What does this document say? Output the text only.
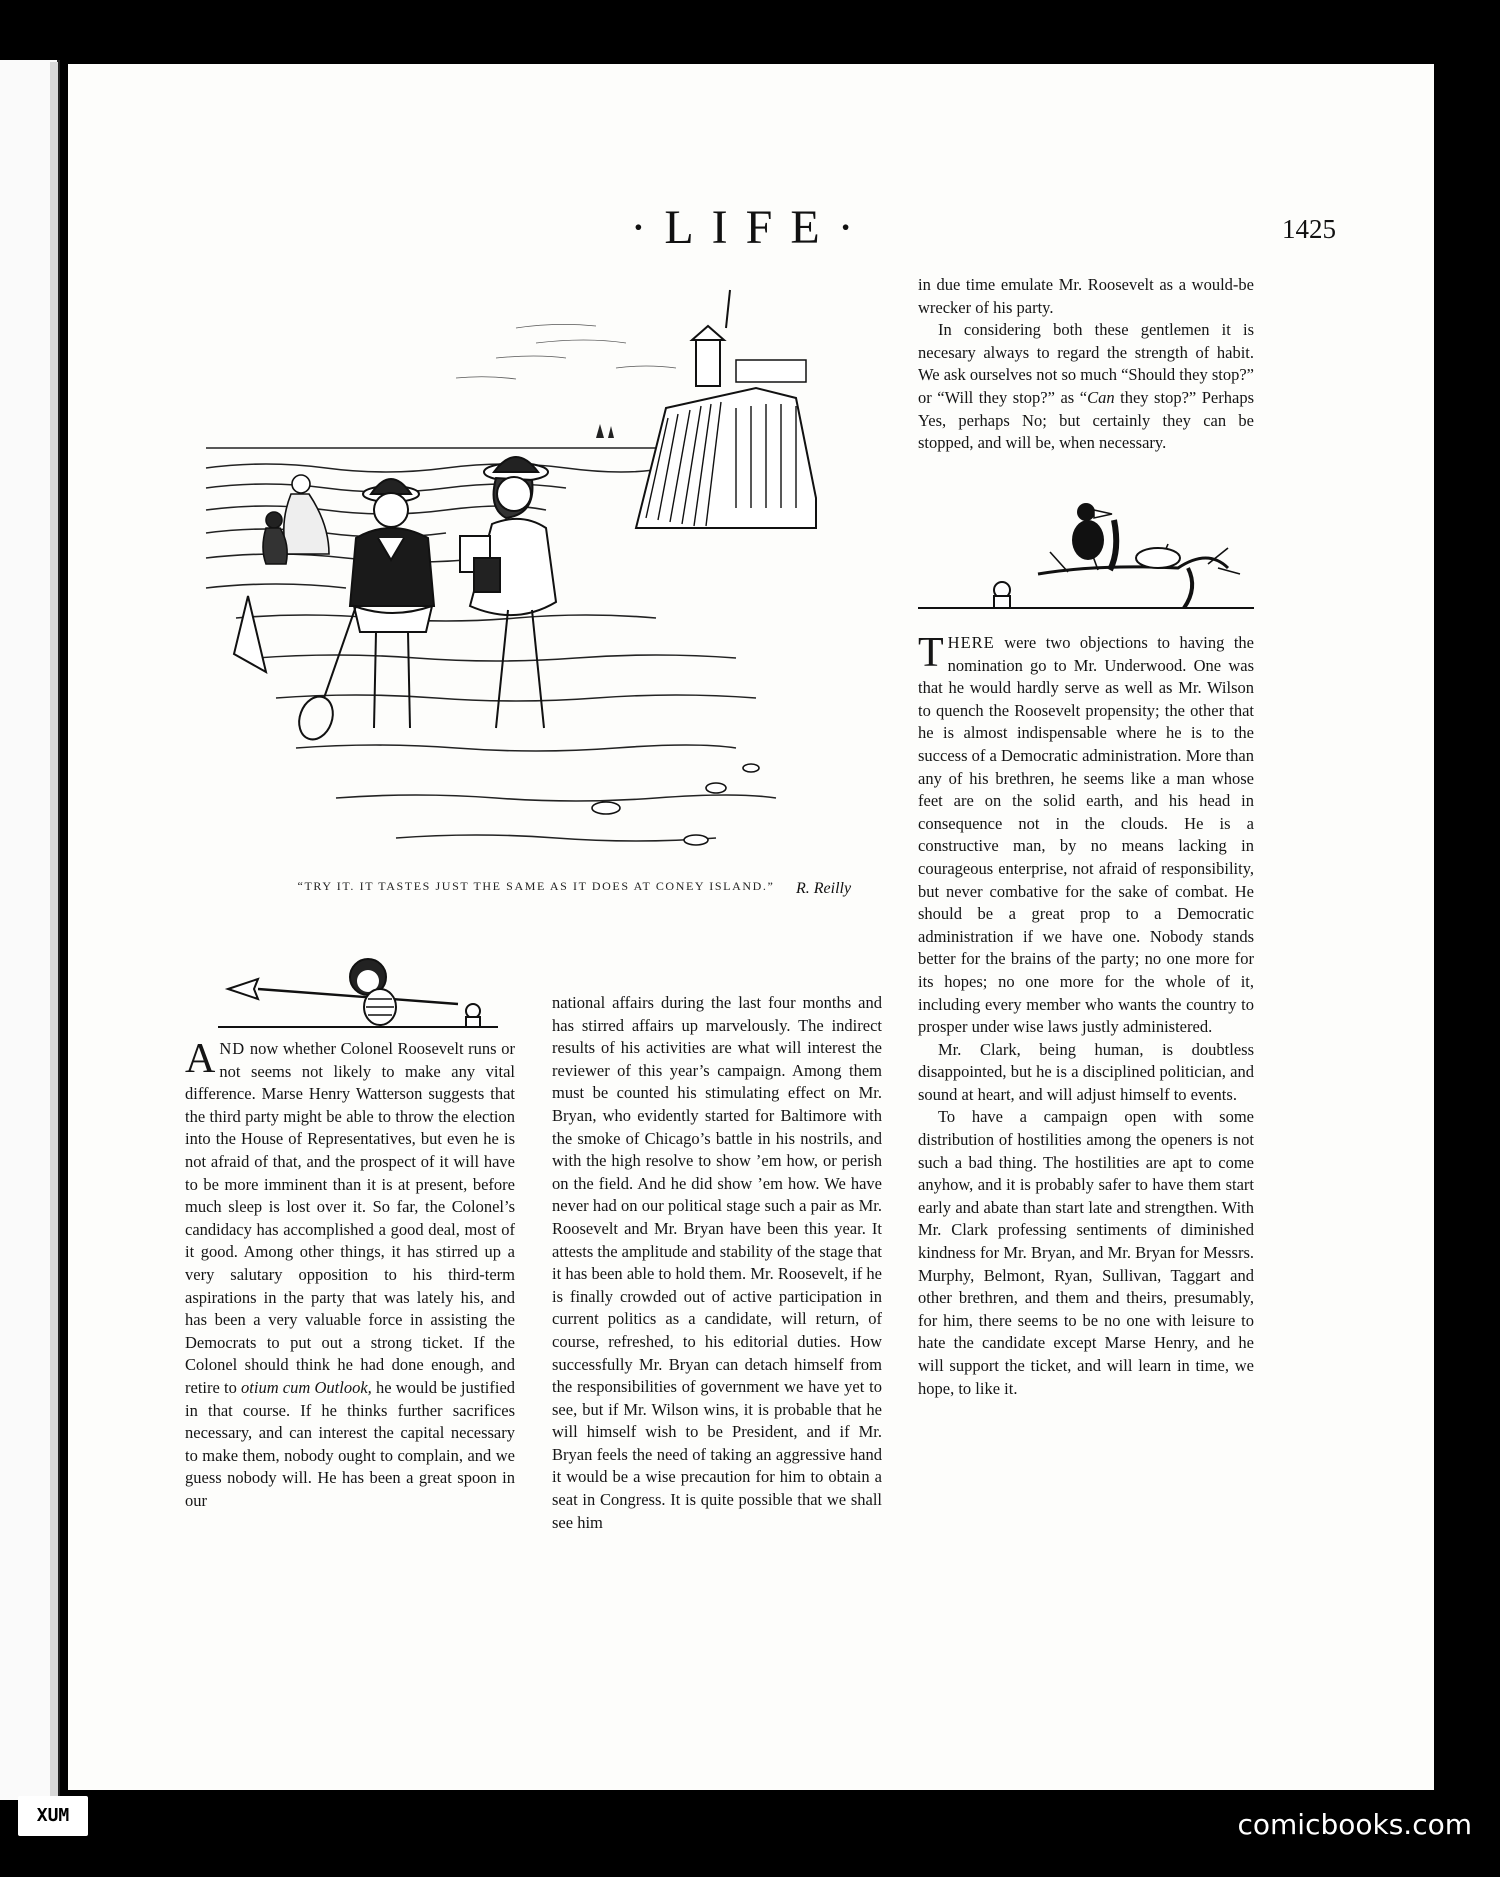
·LIFE·	1425
R. Reilly
“TRY IT. IT TASTES JUST THE SAME AS IT DOES AT CONEY ISLAND.”

AND now whether Colonel Roosevelt runs or not seems not likely to make any vital difference. Marse Henry Watterson suggests that the third party might be able to throw the election into the House of Representatives, but even he is not afraid of that, and the prospect of it will have to be more imminent than it is at present, before much sleep is lost over it. So far, the Colonel’s candidacy has accomplished a good deal, most of it good. Among other things, it has stirred up a very salutary opposition to his third-term aspirations in the party that was lately his, and has been a very valuable force in assisting the Democrats to put out a strong ticket. If the Colonel should think he had done enough, and retire to otium cum Outlook, he would be justified in that course. If he thinks further sacrifices necessary, and can interest the capital necessary to make them, nobody ought to complain, and we guess nobody will. He has been a great spoon in our

national affairs during the last four months and has stirred affairs up marvelously. The indirect results of his activities are what will interest the reviewer of this year’s campaign. Among them must be counted his stimulating effect on Mr. Bryan, who evidently started for Baltimore with the smoke of Chicago’s battle in his nostrils, and with the high resolve to show ’em how, or perish on the field. And he did show ’em how. We have never had on our political stage such a pair as Mr. Roosevelt and Mr. Bryan have been this year. It attests the amplitude and stability of the stage that it has been able to hold them. Mr. Roosevelt, if he is finally crowded out of active participation in current politics as a candidate, will return, of course, refreshed, to his editorial duties. How successfully Mr. Bryan can detach himself from the responsibilities of government we have yet to see, but if Mr. Wilson wins, it is probable that he will himself wish to be President, and if Mr. Bryan feels the need of taking an aggressive hand it would be a wise precaution for him to obtain a seat in Congress. It is quite possible that we shall see him

in due time emulate Mr. Roosevelt as a would-be wrecker of his party.

In considering both these gentlemen it is necesary always to regard the strength of habit. We ask ourselves not so much “Should they stop?” or “Will they stop?” as “Can they stop?” Perhaps Yes, perhaps No; but certainly they can be stopped, and will be, when necessary.

THERE were two objections to having the nomination go to Mr. Underwood. One was that he would hardly serve as well as Mr. Wilson to quench the Roosevelt propensity; the other that he is almost indispensable where he is to the success of a Democratic administration. More than any of his brethren, he seems like a man whose feet are on the solid earth, and his head in consequence not in the clouds. He is a constructive man, by no means lacking in courageous enterprise, not afraid of responsibility, but never combative for the sake of combat. He should be a great prop to a Democratic administration if we have one. Nobody stands better for the brains of the party; no one more for its hopes; no one more for the whole of it, including every member who wants the country to prosper under wise laws justly administered.

Mr. Clark, being human, is doubtless disappointed, but he is a disciplined politician, and sound at heart, and will adjust himself to events.

To have a campaign open with some distribution of hostilities among the openers is not such a bad thing. The hostilities are apt to come anyhow, and it is probably safer to have them start early and abate than start late and strengthen. With Mr. Clark professing sentiments of diminished kindness for Mr. Bryan, and Mr. Bryan for Messrs. Murphy, Belmont, Ryan, Sullivan, Taggart and other brethren, and them and theirs, presumably, for him, there seems to be no one with leisure to hate the candidate except Marse Henry, and he will support the ticket, and will learn in time, we hope, to like it.

XUM	comicbooks.com
